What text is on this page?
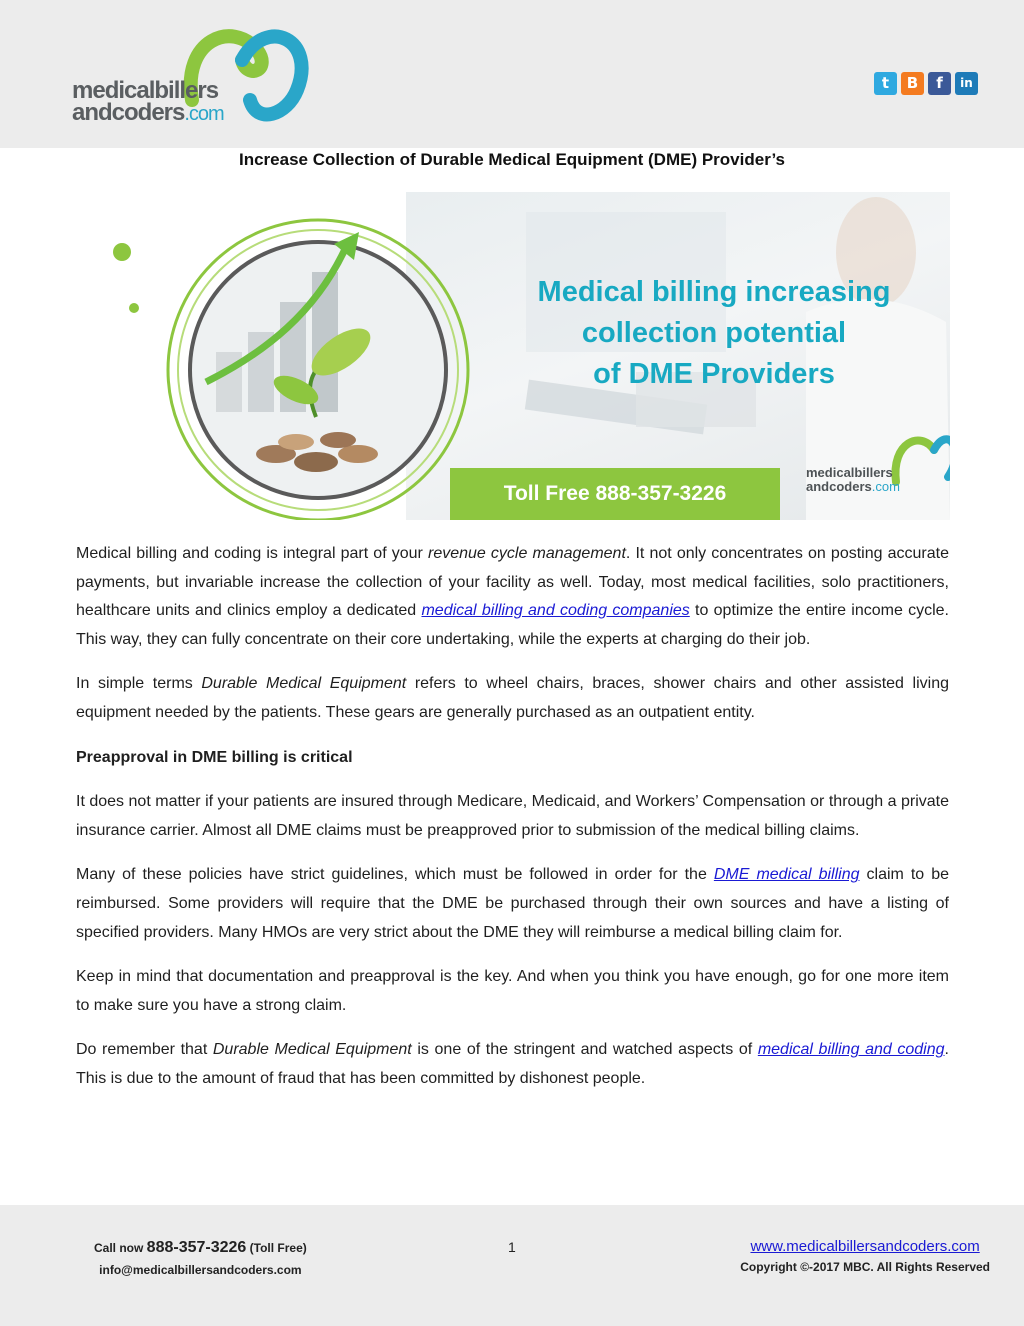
medicalbillers
andcoders.com
t	B	f	in
Increase Collection of Durable Medical Equipment (DME) Provider’s
Medical billing increasing
collection potential
of DME Providers
Toll Free 888-357-3226
medicalbillers
andcoders.com

Medical billing and coding is integral part of your revenue cycle management. It not only concentrates on posting accurate payments, but invariable increase the collection of your facility as well. Today, most medical facilities, solo practitioners, healthcare units and clinics employ a dedicated medical billing and coding companies to optimize the entire income cycle. This way, they can fully concentrate on their core undertaking, while the experts at charging do their job.

In simple terms Durable Medical Equipment refers to wheel chairs, braces, shower chairs and other assisted living equipment needed by the patients. These gears are generally purchased as an outpatient entity.

Preapproval in DME billing is critical

It does not matter if your patients are insured through Medicare, Medicaid, and Workers’ Compensation or through a private insurance carrier. Almost all DME claims must be preapproved prior to submission of the medical billing claims.

Many of these policies have strict guidelines, which must be followed in order for the DME medical billing claim to be reimbursed. Some providers will require that the DME be purchased through their own sources and have a listing of specified providers. Many HMOs are very strict about the DME they will reimburse a medical billing claim for.

Keep in mind that documentation and preapproval is the key. And when you think you have enough, go for one more item to make sure you have a strong claim.

Do remember that Durable Medical Equipment is one of the stringent and watched aspects of medical billing and coding. This is due to the amount of fraud that has been committed by dishonest people.

Call now 888-357-3226 (Toll Free)
info@medicalbillersandcoders.com
1	www.medicalbillersandcoders.com
Copyright ©-2017 MBC. All Rights Reserved
